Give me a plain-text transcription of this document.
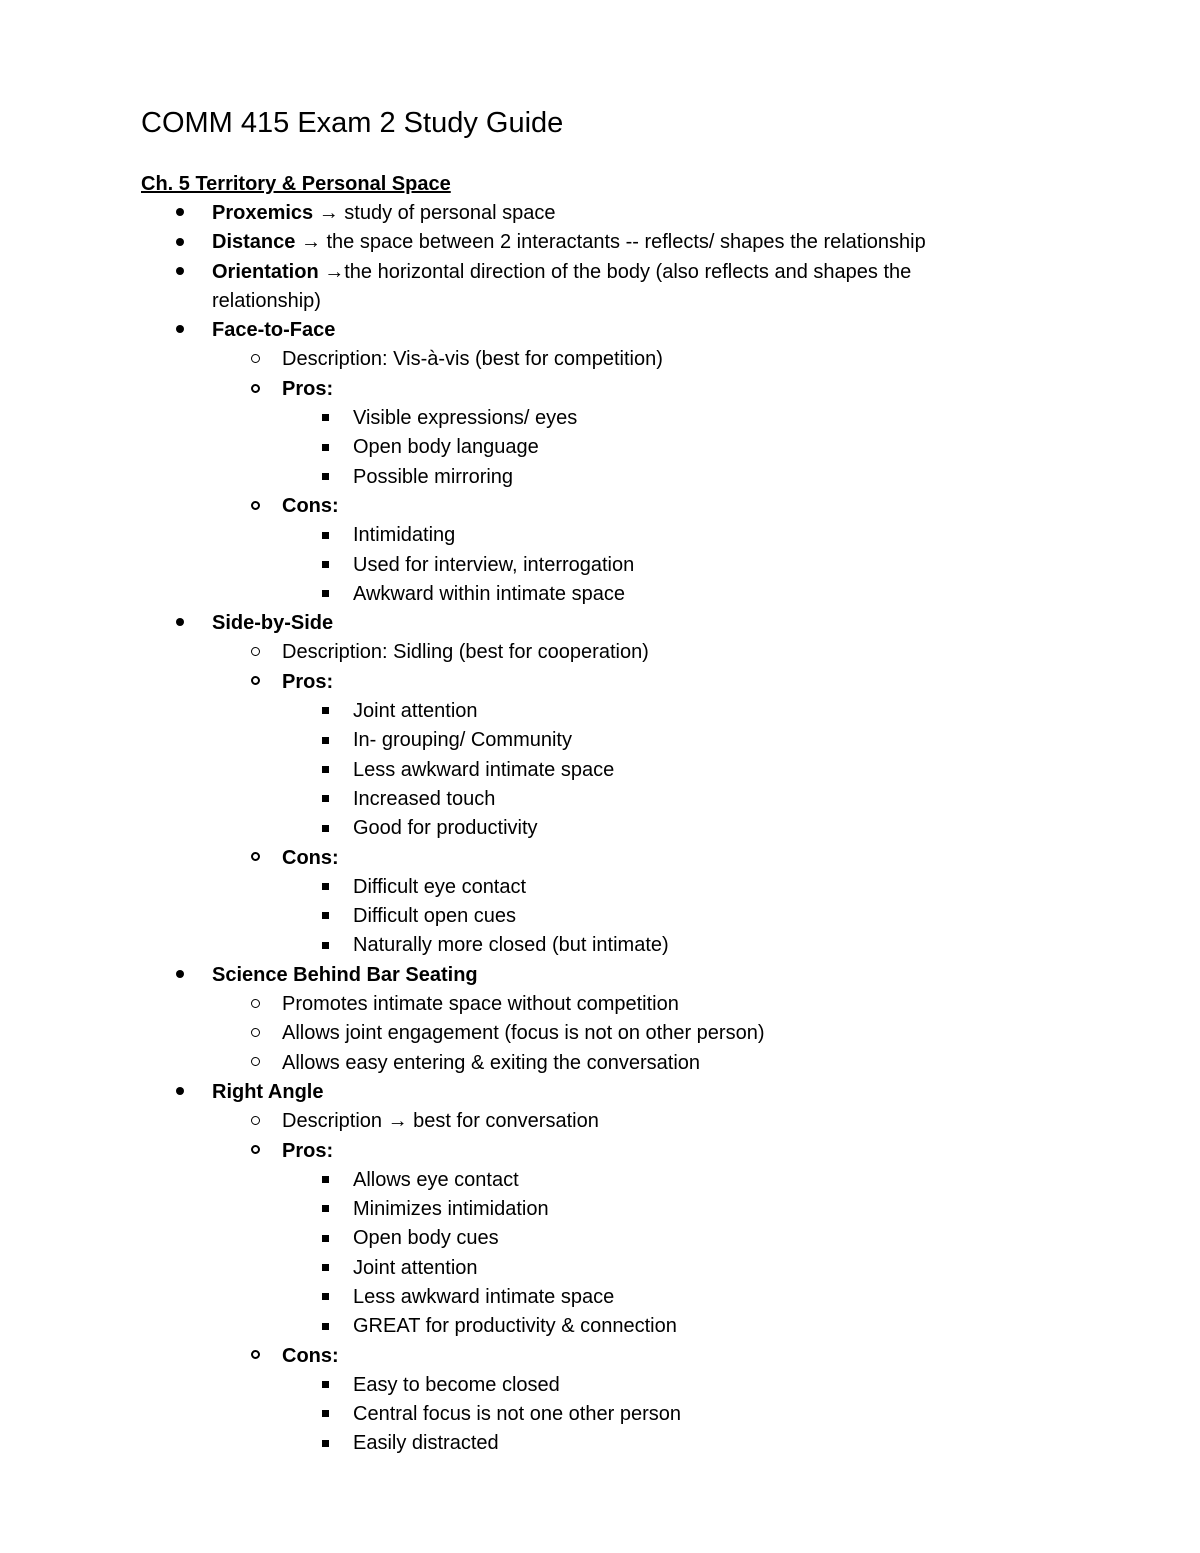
COMM 415 Exam 2 Study Guide
Ch. 5 Territory & Personal Space
Proxemics → study of personal space
Distance → the space between 2 interactants -- reflects/ shapes the relationship
Orientation →the horizontal direction of the body (also reflects and shapes the
relationship)
Face-to-Face
Description: Vis-à-vis (best for competition)
Pros:
Visible expressions/ eyes
Open body language
Possible mirroring
Cons:
Intimidating
Used for interview, interrogation
Awkward within intimate space
Side-by-Side
Description: Sidling (best for cooperation)
Pros:
Joint attention
In- grouping/ Community
Less awkward intimate space
Increased touch
Good for productivity
Cons:
Difficult eye contact
Difficult open cues
Naturally more closed (but intimate)
Science Behind Bar Seating
Promotes intimate space without competition
Allows joint engagement (focus is not on other person)
Allows easy entering & exiting the conversation
Right Angle
Description → best for conversation
Pros:
Allows eye contact
Minimizes intimidation
Open body cues
Joint attention
Less awkward intimate space
GREAT for productivity & connection
Cons:
Easy to become closed
Central focus is not one other person
Easily distracted
